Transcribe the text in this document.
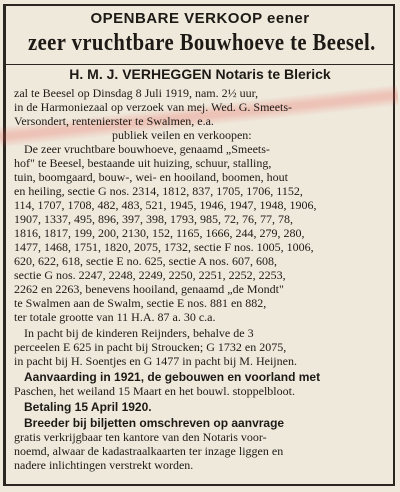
OPENBARE VERKOOP eener
zeer vruchtbare Bouwhoeve te Beesel.
H. M. J. VERHEGGEN Notaris te Blerick
zal te Beesel op Dinsdag 8 Juli 1919, nam. 2½ uur,
in de Harmoniezaal op verzoek van mej. Wed. G. Smeets-
Versondert, rentenierster te Swalmen, e.a.
publiek veilen en verkoopen:
De zeer vruchtbare bouwhoeve, genaamd „Smeets-
hof" te Beesel, bestaande uit huizing, schuur, stalling,
tuin, boomgaard, bouw-, wei- en hooiland, boomen, hout
en heiling, sectie G nos. 2314, 1812, 837, 1705, 1706, 1152,
114, 1707, 1708, 482, 483, 521, 1945, 1946, 1947, 1948, 1906,
1907, 1337, 495, 896, 397, 398, 1793, 985, 72, 76, 77, 78,
1816, 1817, 199, 200, 2130, 152, 1165, 1666, 244, 279, 280,
1477, 1468, 1751, 1820, 2075, 1732, sectie F nos. 1005, 1006,
620, 622, 618, sectie E no. 625, sectie A nos. 607, 608,
sectie G nos. 2247, 2248, 2249, 2250, 2251, 2252, 2253,
2262 en 2263, benevens hooiland, genaamd „de Mondt"
te Swalmen aan de Swalm, sectie E nos. 881 en 882,
ter totale grootte van 11 H.A. 87 a. 30 c.a.
In pacht bij de kinderen Reijnders, behalve de 3
perceelen E 625 in pacht bij Stroucken; G 1732 en 2075,
in pacht bij H. Soentjes en G 1477 in pacht bij M. Heijnen.
Aanvaarding in 1921, de gebouwen en voorland met
Paschen, het weiland 15 Maart en het bouwl. stoppelbloot.
Betaling 15 April 1920.
Breeder bij biljetten omschreven op aanvrage
gratis verkrijgbaar ten kantore van den Notaris voor-
noemd, alwaar de kadastraalkaarten ter inzage liggen en
nadere inlichtingen verstrekt worden.
